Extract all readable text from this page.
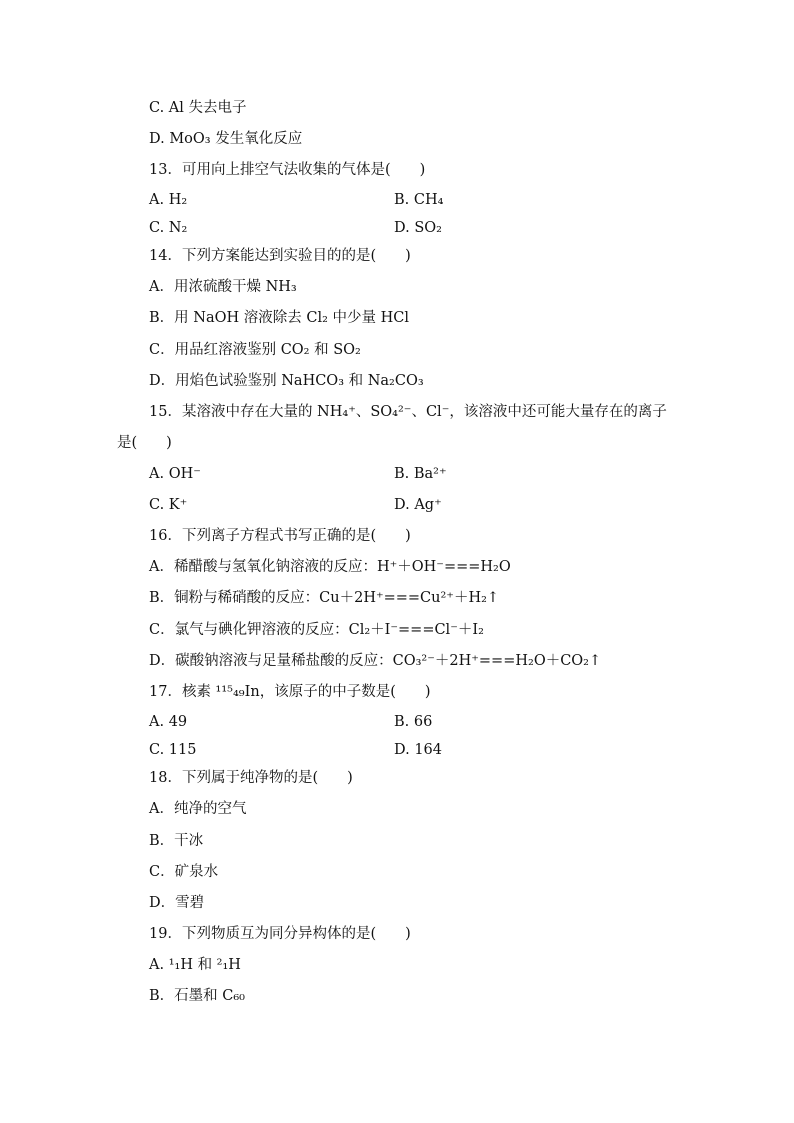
C. Al 失去电子
D. MoO₃ 发生氧化反应
13．可用向上排空气法收集的气体是(　　)
A. H₂	B. CH₄
C. N₂	D. SO₂
14．下列方案能达到实验目的的是(　　)
A．用浓硫酸干燥 NH₃
B．用 NaOH 溶液除去 Cl₂ 中少量 HCl
C．用品红溶液鉴别 CO₂ 和 SO₂
D．用焰色试验鉴别 NaHCO₃ 和 Na₂CO₃
15．某溶液中存在大量的 NH₄⁺、SO₄²⁻、Cl⁻，该溶液中还可能大量存在的离子
是(　　)
A. OH⁻	B. Ba²⁺
C. K⁺	D. Ag⁺
16．下列离子方程式书写正确的是(　　)
A．稀醋酸与氢氧化钠溶液的反应：H⁺＋OH⁻===H₂O
B．铜粉与稀硝酸的反应：Cu＋2H⁺===Cu²⁺＋H₂↑
C．氯气与碘化钾溶液的反应：Cl₂＋I⁻===Cl⁻＋I₂
D．碳酸钠溶液与足量稀盐酸的反应：CO₃²⁻＋2H⁺===H₂O＋CO₂↑
17．核素 ¹¹⁵₄₉In，该原子的中子数是(　　)
A. 49	B. 66
C. 115	D. 164
18．下列属于纯净物的是(　　)
A．纯净的空气
B．干冰
C．矿泉水
D．雪碧
19．下列物质互为同分异构体的是(　　)
A. ¹₁H 和 ²₁H
B．石墨和 C₆₀
